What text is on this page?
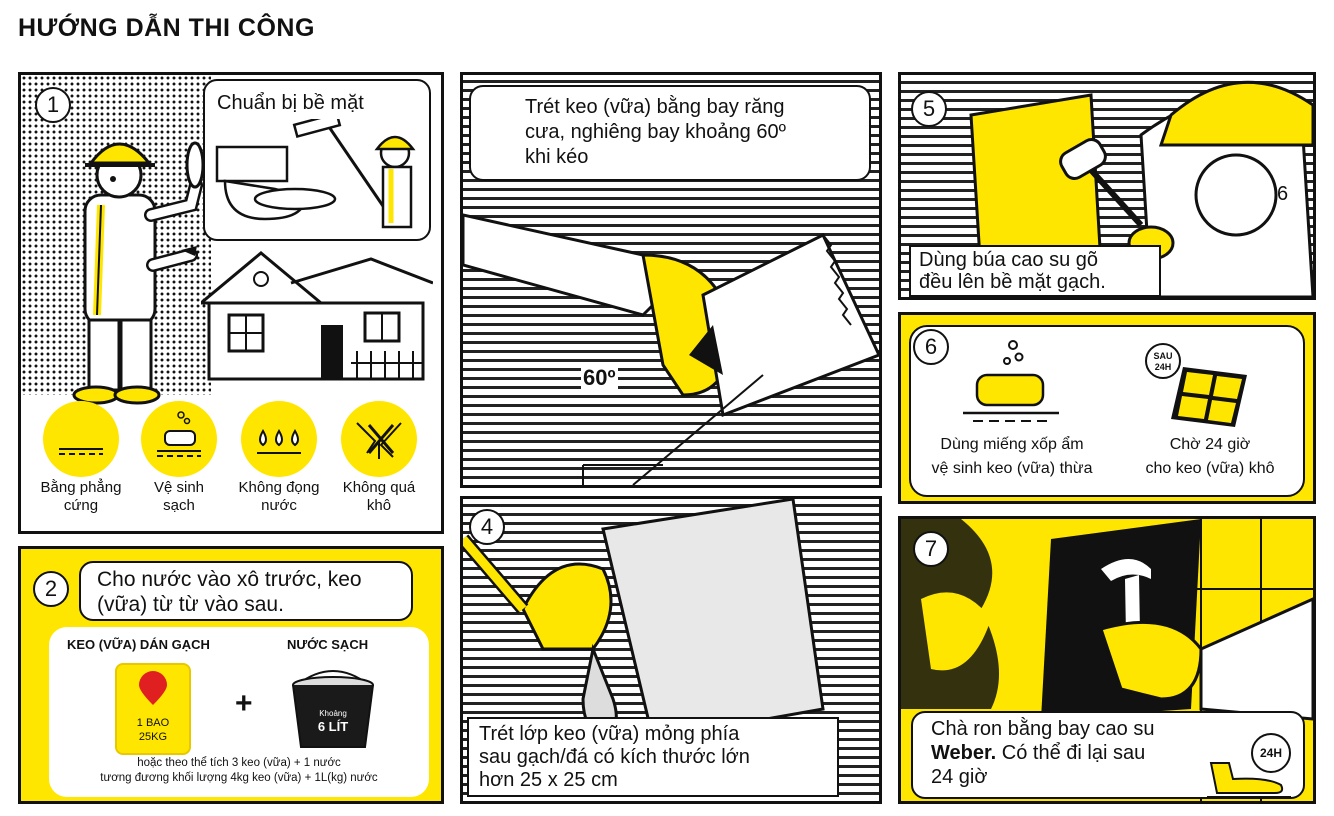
HƯỚNG DẪN THI CÔNG
1	Chuẩn bị bề mặt
Bằng phẳng
cứng
Vệ sinh
sạch
Không đọng
nước
Không quá
khô
2	Cho nước vào xô trước, keo
(vữa) từ từ vào sau.
KEO (VỮA) DÁN GẠCH	NƯỚC SẠCH
1 BAO
25KG
+	Khoảng
6 LÍT
hoặc theo thể tích 3 keo (vữa) + 1 nước
tương đương khối lượng 4kg keo (vữa) + 1L(kg) nước
60º
Trét keo (vữa) bằng bay răng
cưa, nghiêng bay khoảng 60º
khi kéo
4
Trét lớp keo (vữa) mỏng phía
sau gạch/đá có kích thước lớn
hơn 25 x 25 cm
6
5
Dùng búa cao su gõ
đều lên bề mặt gạch.
6	SAU
24H
Dùng miếng xốp ẩm
vệ sinh keo (vữa) thừa
Chờ 24 giờ
cho keo (vữa) khô
7
Chà ron bằng bay cao su
Weber. Có thể đi lại sau
24 giờ
24H
